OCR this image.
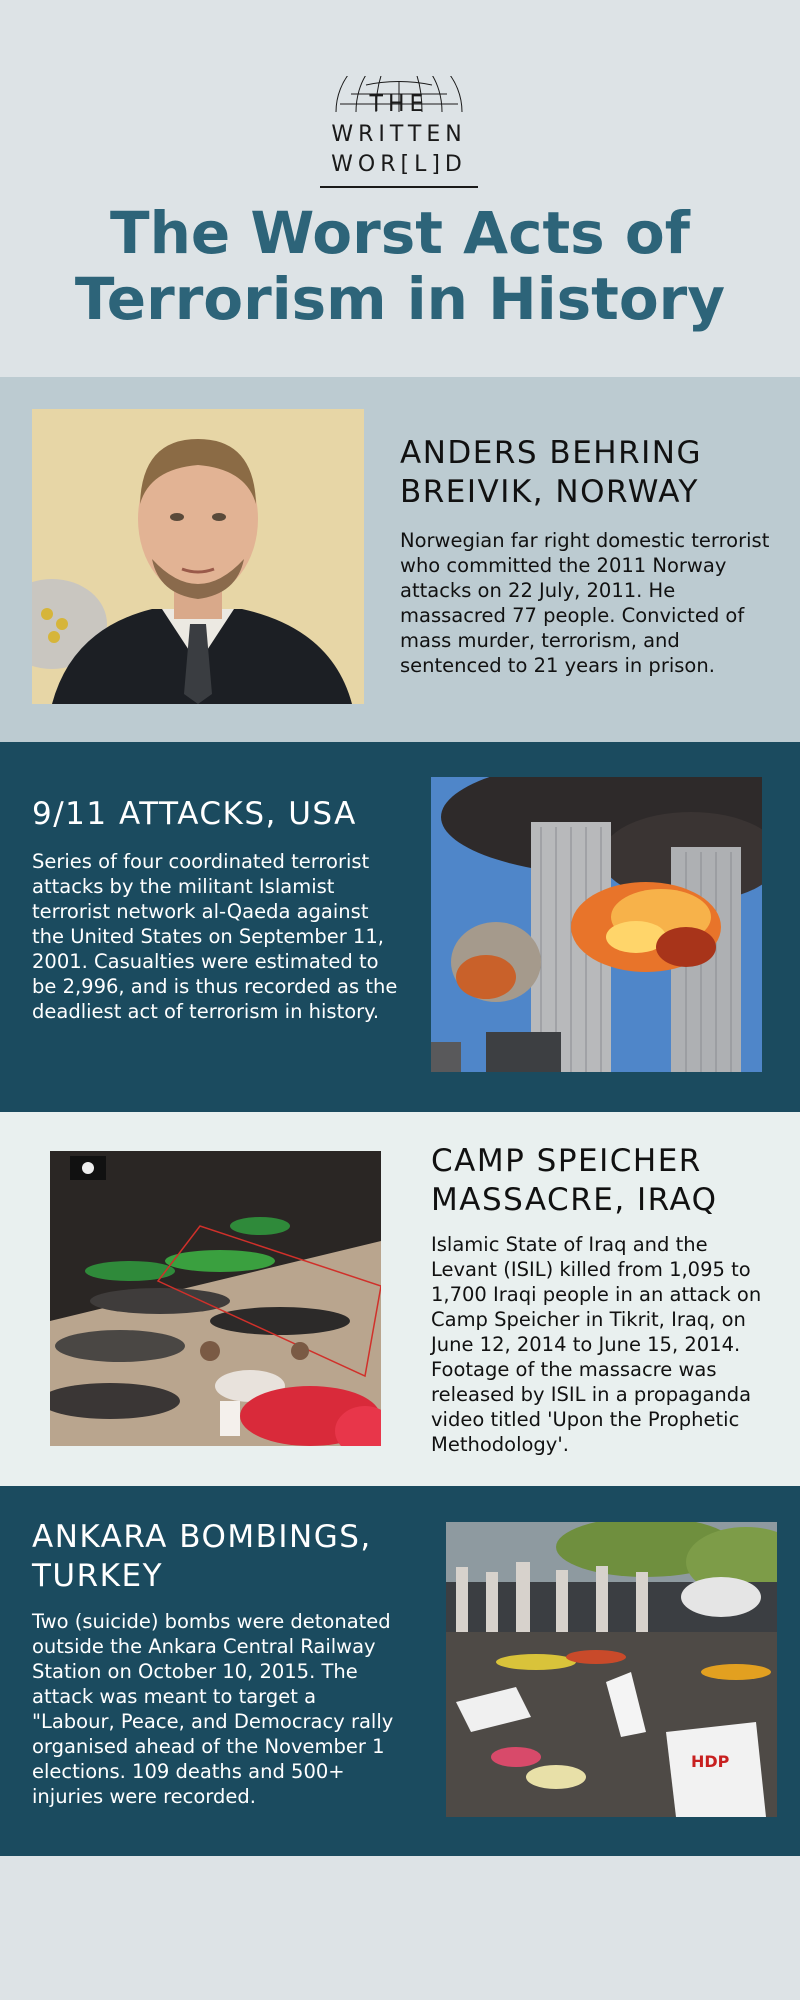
THE
WRITTEN
WOR[L]D
The Worst Acts of Terrorism in History
ANDERS BEHRING BREIVIK, NORWAY
Norwegian far right domestic terrorist who committed the 2011 Norway attacks on 22 July, 2011. He massacred 77 people. Convicted of mass murder, terrorism, and sentenced to 21 years in prison.
9/11 ATTACKS, USA
Series of four coordinated terrorist attacks by the militant Islamist terrorist network al-Qaeda against the United States on September 11, 2001. Casualties were estimated to be 2,996, and is thus recorded as the deadliest act of terrorism in history.
CAMP SPEICHER MASSACRE, IRAQ
Islamic State of Iraq and the Levant (ISIL) killed from 1,095 to 1,700 Iraqi people in an attack on Camp Speicher in Tikrit, Iraq, on June 12, 2014 to June 15, 2014. Footage of the massacre was released by ISIL in a propaganda video titled 'Upon the Prophetic Methodology'.
ANKARA BOMBINGS, TURKEY
Two (suicide) bombs were detonated outside the Ankara Central Railway Station on October 10, 2015. The attack was meant to target a "Labour, Peace, and Democracy rally organised ahead of the November 1 elections. 109 deaths and 500+ injuries were recorded.
HDP
